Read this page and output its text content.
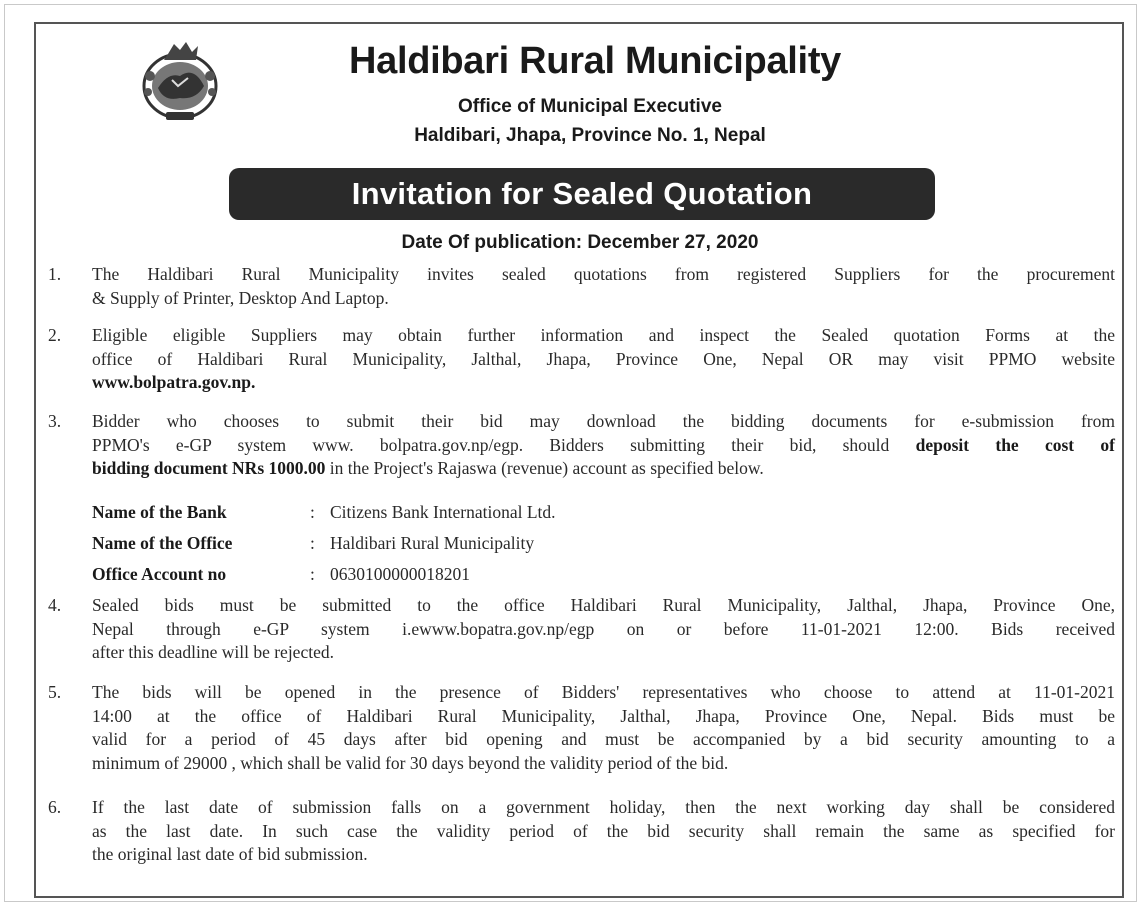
Haldibari Rural Municipality
Office of Municipal Executive
Haldibari, Jhapa, Province No. 1, Nepal
Invitation for Sealed Quotation
Date Of publication: December 27, 2020
1.	The Haldibari Rural Municipality invites sealed quotations from registered Suppliers for the procurement
& Supply of Printer, Desktop And Laptop.
2.	Eligible eligible Suppliers may obtain further information and inspect the Sealed quotation Forms at the
office of Haldibari Rural Municipality, Jalthal, Jhapa, Province One, Nepal OR may visit PPMO website
www.bolpatra.gov.np.
3.	Bidder who chooses to submit their bid may download the bidding documents for e-submission from
PPMO's e-GP system www. bolpatra.gov.np/egp. Bidders submitting their bid, should deposit the cost of
bidding document NRs 1000.00 in the Project's Rajaswa (revenue) account as specified below.
Name of the Bank	: Citizens Bank International Ltd.
Name of the Office	: Haldibari Rural Municipality
Office Account no	: 0630100000018201
4.	Sealed bids must be submitted to the office Haldibari Rural Municipality, Jalthal, Jhapa, Province One,
Nepal through e-GP system i.ewww.bopatra.gov.np/egp on or before 11-01-2021 12:00. Bids received
after this deadline will be rejected.
5.	The bids will be opened in the presence of Bidders' representatives who choose to attend at 11-01-2021
14:00 at the office of Haldibari Rural Municipality, Jalthal, Jhapa, Province One, Nepal. Bids must be
valid for a period of 45 days after bid opening and must be accompanied by a bid security amounting to a
minimum of 29000 , which shall be valid for 30 days beyond the validity period of the bid.
6.	If the last date of submission falls on a government holiday, then the next working day shall be considered
as the last date. In such case the validity period of the bid security shall remain the same as specified for
the original last date of bid submission.
